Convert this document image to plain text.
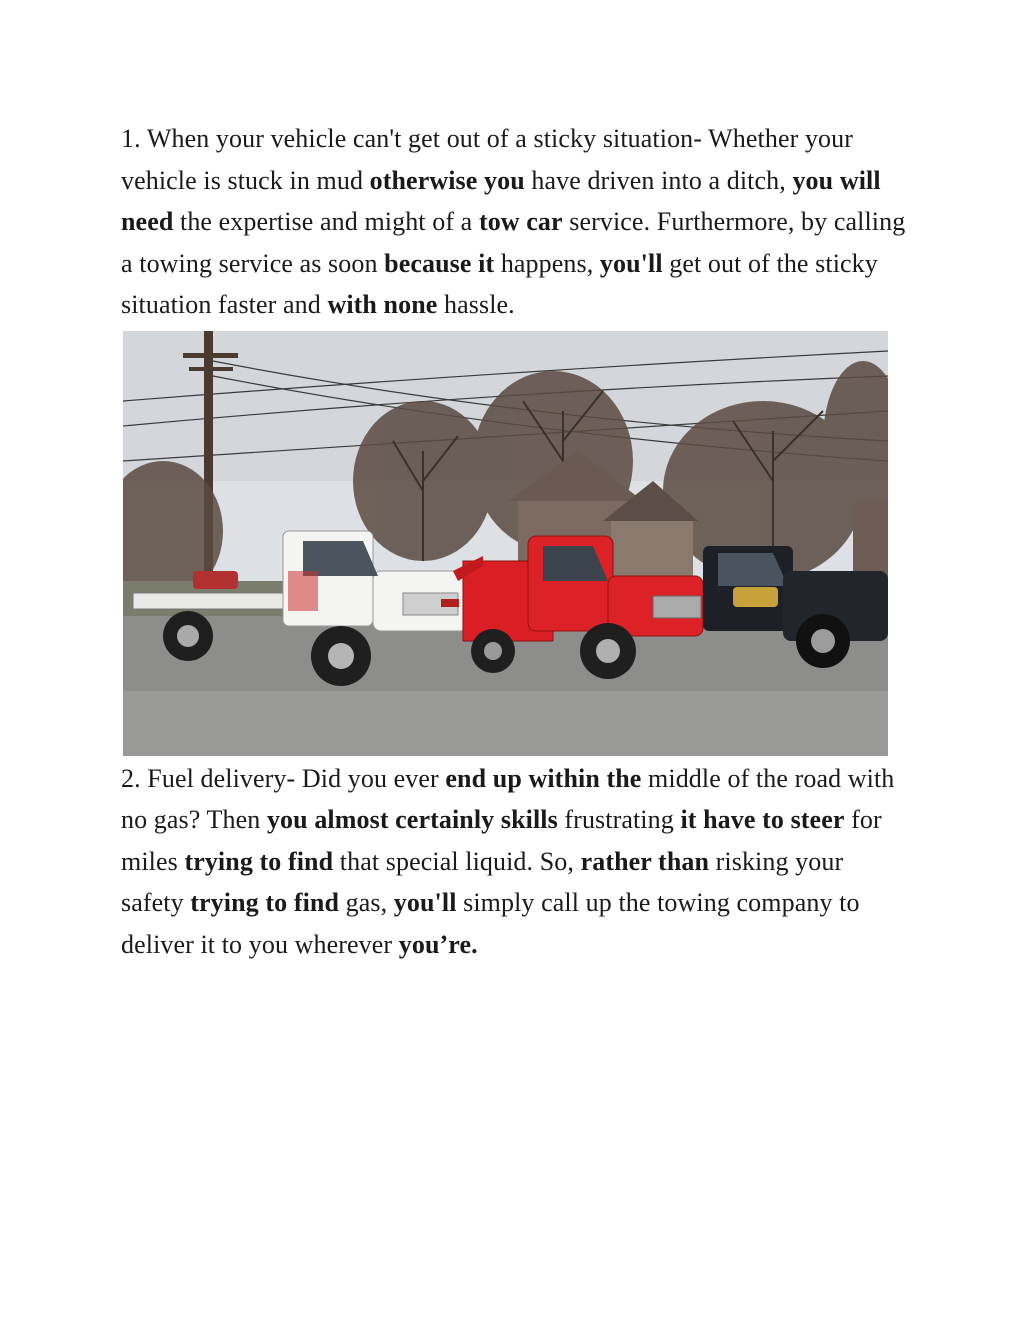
1. When your vehicle can't get out of a sticky situation- Whether your vehicle is stuck in mud otherwise you have driven into a ditch, you will need the expertise and might of a tow car service. Furthermore, by calling a towing service as soon because it happens, you'll get out of the sticky situation faster and with none hassle.

2. Fuel delivery- Did you ever end up within the middle of the road with no gas? Then you almost certainly skills frustrating it have to steer for miles trying to find that special liquid. So, rather than risking your safety trying to find gas, you'll simply call up the towing company to deliver it to you wherever you’re.
